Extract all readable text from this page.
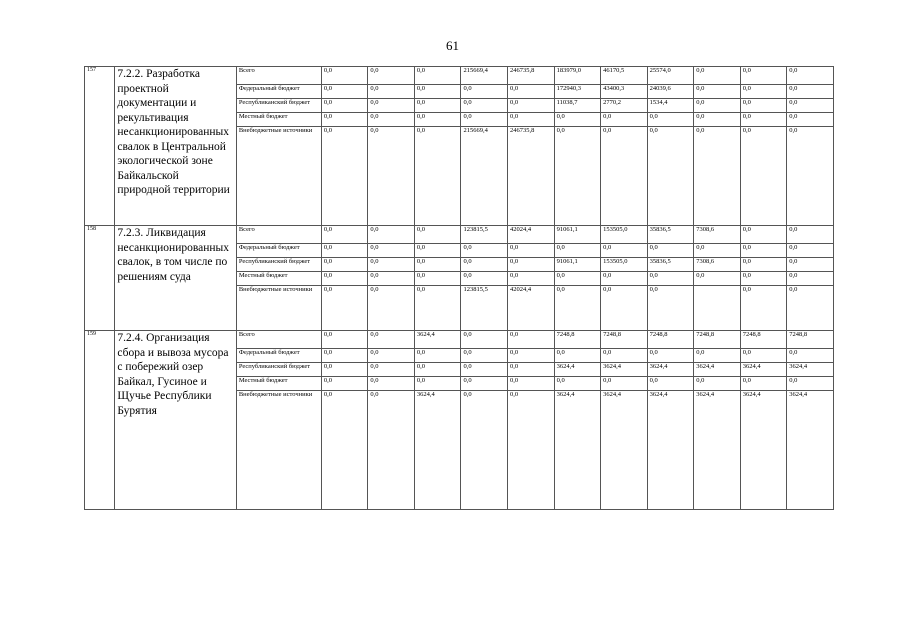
61
157	7.2.2. Разработка проектной документации и рекультивация несанкционированных свалок в Центральной экологической зоне Байкальской природной территории	Всего	0,0	0,0	0,0	215669,4	246735,8	183979,0	46170,5	25574,0	0,0	0,0	0,0
		Федеральный бюджет	0,0	0,0	0,0	0,0	0,0	172940,3	43400,3	24039,6	0,0	0,0	0,0
		Республиканский бюджет	0,0	0,0	0,0	0,0	0,0	11038,7	2770,2	1534,4	0,0	0,0	0,0
		Местный бюджет	0,0	0,0	0,0	0,0	0,0	0,0	0,0	0,0	0,0	0,0	0,0
		Внебюджетные источники	0,0	0,0	0,0	215669,4	246735,8	0,0	0,0	0,0	0,0	0,0	0,0
158	7.2.3. Ликвидация несанкционированных свалок, в том числе по решениям суда	Всего	0,0	0,0	0,0	123815,5	42024,4	91061,1	153505,0	35836,5	7308,6	0,0	0,0
		Федеральный бюджет	0,0	0,0	0,0	0,0	0,0	0,0	0,0	0,0	0,0	0,0	0,0
		Республиканский бюджет	0,0	0,0	0,0	0,0	0,0	91061,1	153505,0	35836,5	7308,6	0,0	0,0
		Местный бюджет	0,0	0,0	0,0	0,0	0,0	0,0	0,0	0,0	0,0	0,0	0,0
		Внебюджетные источники	0,0	0,0	0,0	123815,5	42024,4	0,0	0,0	0,0		0,0	0,0
159	7.2.4. Организация сбора и вывоза мусора с побережий озер Байкал, Гусиное и Щучье Республики Бурятия	Всего	0,0	0,0	3624,4	0,0	0,0	7248,8	7248,8	7248,8	7248,8	7248,8	7248,8
		Федеральный бюджет	0,0	0,0	0,0	0,0	0,0	0,0	0,0	0,0	0,0	0,0	0,0
		Республиканский бюджет	0,0	0,0	0,0	0,0	0,0	3624,4	3624,4	3624,4	3624,4	3624,4	3624,4
		Местный бюджет	0,0	0,0	0,0	0,0	0,0	0,0	0,0	0,0	0,0	0,0	0,0
		Внебюджетные источники	0,0	0,0	3624,4	0,0	0,0	3624,4	3624,4	3624,4	3624,4	3624,4	3624,4
